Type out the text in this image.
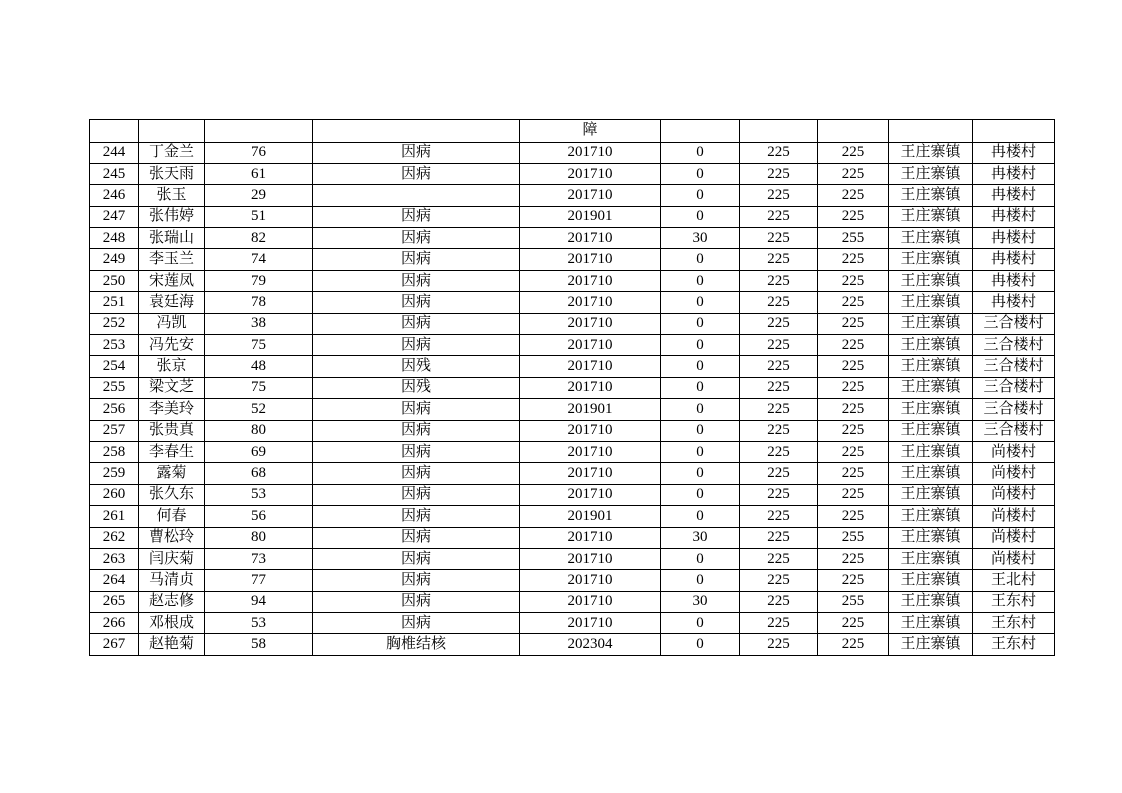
				障					
244	丁金兰	76	因病	201710	0	225	225	王庄寨镇	冉楼村
245	张天雨	61	因病	201710	0	225	225	王庄寨镇	冉楼村
246	张玉	29		201710	0	225	225	王庄寨镇	冉楼村
247	张伟婷	51	因病	201901	0	225	225	王庄寨镇	冉楼村
248	张瑞山	82	因病	201710	30	225	255	王庄寨镇	冉楼村
249	李玉兰	74	因病	201710	0	225	225	王庄寨镇	冉楼村
250	宋莲凤	79	因病	201710	0	225	225	王庄寨镇	冉楼村
251	袁廷海	78	因病	201710	0	225	225	王庄寨镇	冉楼村
252	冯凯	38	因病	201710	0	225	225	王庄寨镇	三合楼村
253	冯先安	75	因病	201710	0	225	225	王庄寨镇	三合楼村
254	张京	48	因残	201710	0	225	225	王庄寨镇	三合楼村
255	梁文芝	75	因残	201710	0	225	225	王庄寨镇	三合楼村
256	李美玲	52	因病	201901	0	225	225	王庄寨镇	三合楼村
257	张贵真	80	因病	201710	0	225	225	王庄寨镇	三合楼村
258	李春生	69	因病	201710	0	225	225	王庄寨镇	尚楼村
259	露菊	68	因病	201710	0	225	225	王庄寨镇	尚楼村
260	张久东	53	因病	201710	0	225	225	王庄寨镇	尚楼村
261	何春	56	因病	201901	0	225	225	王庄寨镇	尚楼村
262	曹松玲	80	因病	201710	30	225	255	王庄寨镇	尚楼村
263	闫庆菊	73	因病	201710	0	225	225	王庄寨镇	尚楼村
264	马清贞	77	因病	201710	0	225	225	王庄寨镇	王北村
265	赵志修	94	因病	201710	30	225	255	王庄寨镇	王东村
266	邓根成	53	因病	201710	0	225	225	王庄寨镇	王东村
267	赵艳菊	58	胸椎结核	202304	0	225	225	王庄寨镇	王东村
